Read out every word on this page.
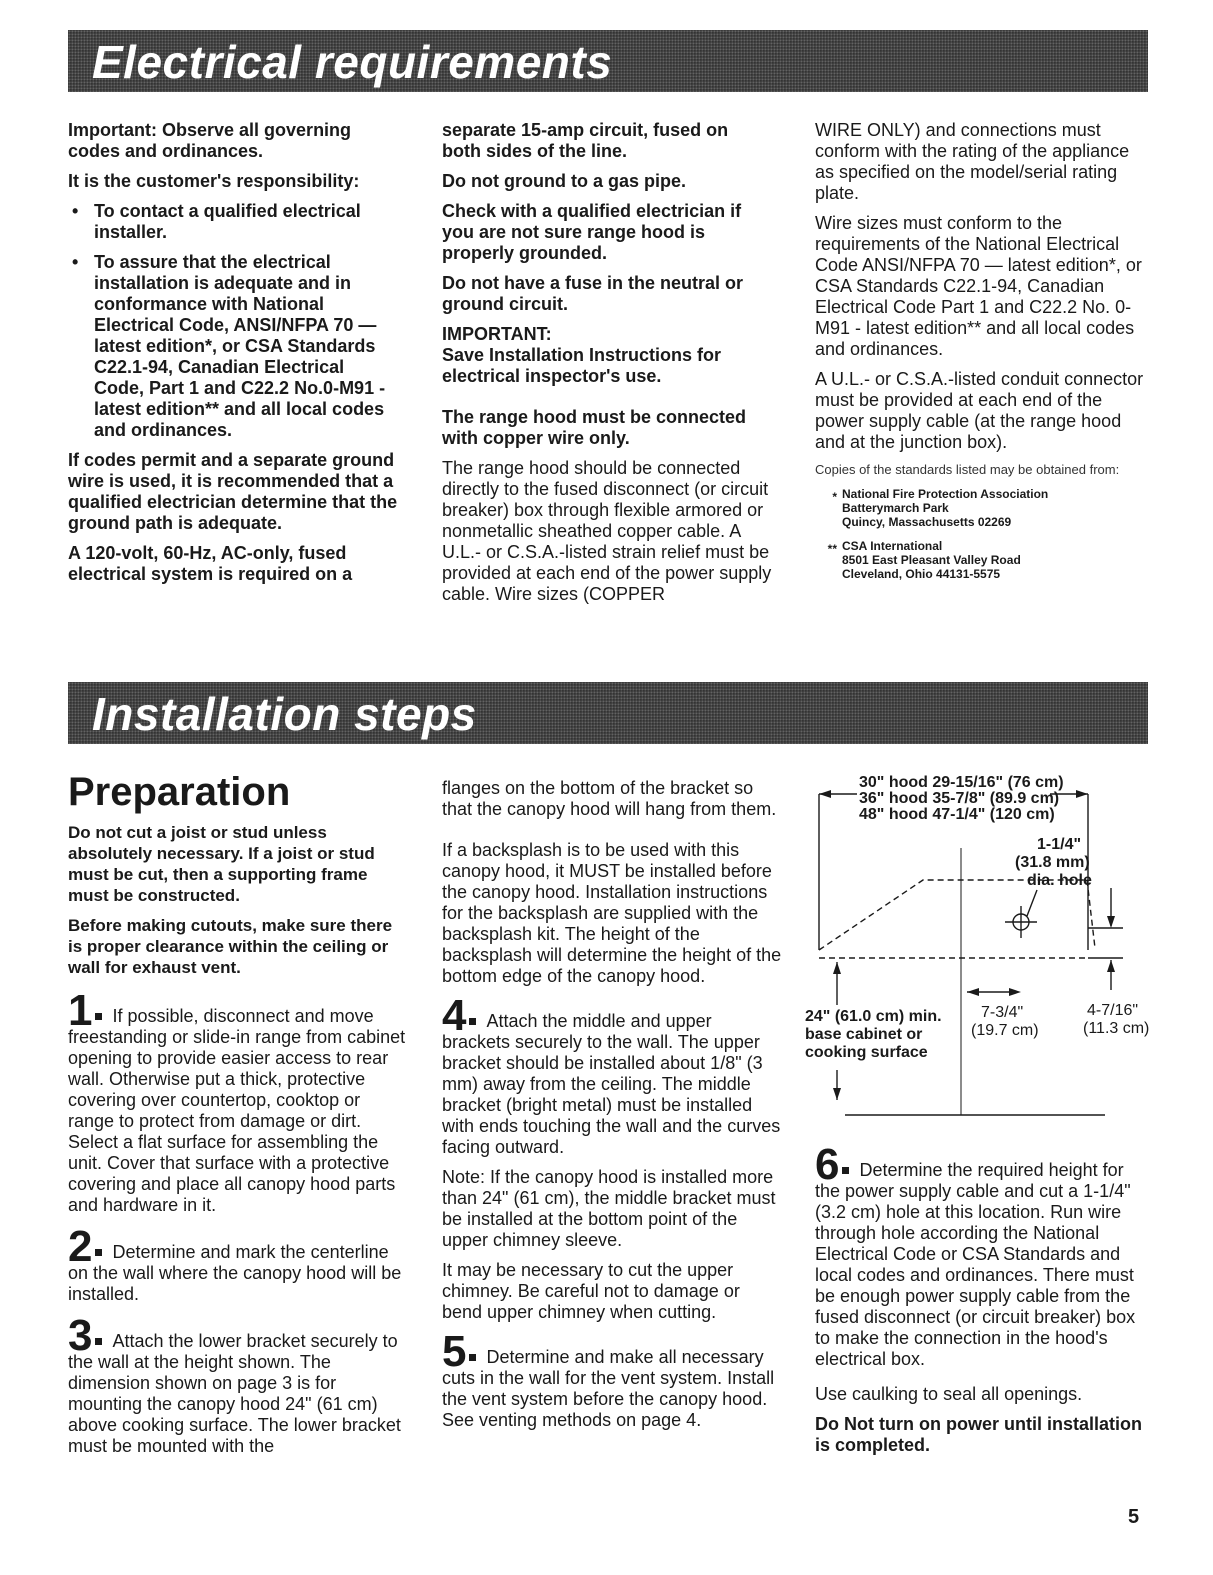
Electrical requirements

Important: Observe all governing codes and ordinances.

It is the customer's responsibility:

• To contact a qualified electrical installer.
• To assure that the electrical installation is adequate and in conformance with National Electrical Code, ANSI/NFPA 70 — latest edition*, or CSA Standards C22.1-94, Canadian Electrical Code, Part 1 and C22.2 No.0-M91 - latest edition** and all local codes and ordinances.

If codes permit and a separate ground wire is used, it is recommended that a qualified electrician determine that the ground path is adequate.

A 120-volt, 60-Hz, AC-only, fused electrical system is required on a

separate 15-amp circuit, fused on both sides of the line.

Do not ground to a gas pipe.

Check with a qualified electrician if you are not sure range hood is properly grounded.

Do not have a fuse in the neutral or ground circuit.

IMPORTANT:

Save Installation Instructions for electrical inspector's use.

The range hood must be connected with copper wire only.

The range hood should be connected directly to the fused disconnect (or circuit breaker) box through flexible armored or nonmetallic sheathed copper cable. A U.L.- or C.S.A.-listed strain relief must be provided at each end of the power supply cable. Wire sizes (COPPER

WIRE ONLY) and connections must conform with the rating of the appliance as specified on the model/serial rating plate.

Wire sizes must conform to the requirements of the National Electrical Code ANSI/NFPA 70 — latest edition*, or CSA Standards C22.1-94, Canadian Electrical Code Part 1 and C22.2 No. 0-M91 - latest edition** and all local codes and ordinances.

A U.L.- or C.S.A.-listed conduit connector must be provided at each end of the power supply cable (at the range hood and at the junction box).

Copies of the standards listed may be obtained from:

* National Fire Protection Association
Batterymarch Park
Quincy, Massachusetts 02269
** CSA International
8501 East Pleasant Valley Road
Cleveland, Ohio 44131-5575
Installation steps
Preparation

Do not cut a joist or stud unless absolutely necessary. If a joist or stud must be cut, then a supporting frame must be constructed.

Before making cutouts, make sure there is proper clearance within the ceiling or wall for exhaust vent.

1 If possible, disconnect and move freestanding or slide-in range from cabinet opening to provide easier access to rear wall. Otherwise put a thick, protective covering over countertop, cooktop or range to protect from damage or dirt. Select a flat surface for assembling the unit. Cover that surface with a protective covering and place all canopy hood parts and hardware in it.

2 Determine and mark the centerline on the wall where the canopy hood will be installed.

3 Attach the lower bracket securely to the wall at the height shown. The dimension shown on page 3 is for mounting the canopy hood 24" (61 cm) above cooking surface. The lower bracket must be mounted with the

flanges on the bottom of the bracket so that the canopy hood will hang from them.

If a backsplash is to be used with this canopy hood, it MUST be installed before the canopy hood. Installation instructions for the backsplash are supplied with the backsplash kit. The height of the backsplash will determine the height of the bottom edge of the canopy hood.

4 Attach the middle and upper brackets securely to the wall. The upper bracket should be installed about 1/8" (3 mm) away from the ceiling. The middle bracket (bright metal) must be installed with ends touching the wall and the curves facing outward.

Note: If the canopy hood is installed more than 24" (61 cm), the middle bracket must be installed at the bottom point of the upper chimney sleeve.

It may be necessary to cut the upper chimney. Be careful not to damage or bend upper chimney when cutting.

5 Determine and make all necessary cuts in the wall for the vent system. Install the vent system before the canopy hood. See venting methods on page 4.

30" hood 29-15/16" (76 cm)
36" hood 35-7/8" (89.9 cm)
48" hood 47-1/4" (120 cm)
1-1/4"
(31.8 mm)
dia. hole
24" (61.0 cm) min.
base cabinet or
cooking surface
7-3/4"
(19.7 cm)
4-7/16"
(11.3 cm)

6 Determine the required height for the power supply cable and cut a 1-1/4" (3.2 cm) hole at this location. Run wire through hole according the National Electrical Code or CSA Standards and local codes and ordinances. There must be enough power supply cable from the fused disconnect (or circuit breaker) box to make the connection in the hood's electrical box.

Use caulking to seal all openings.

Do Not turn on power until installation is completed.

5
